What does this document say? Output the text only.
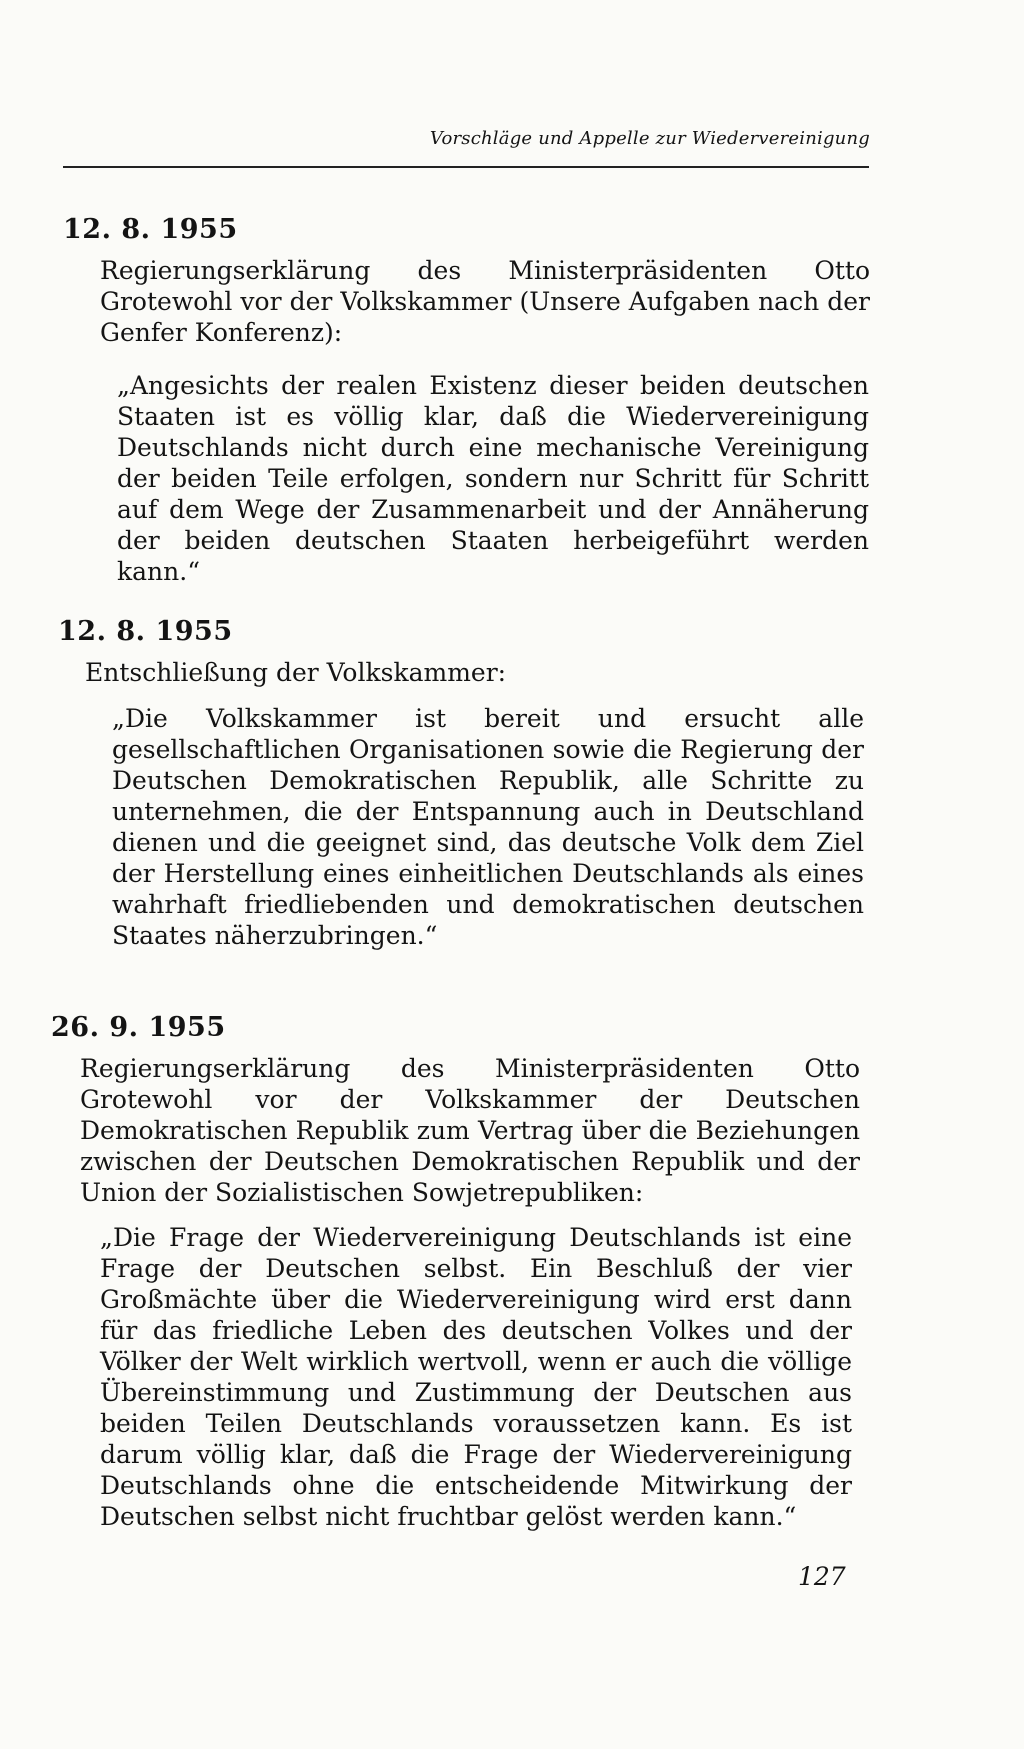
Vorschläge und Appelle zur Wiedervereinigung
12. 8. 1955

Regierungserklärung des Ministerpräsidenten Otto Grotewohl vor der Volkskammer (Unsere Aufgaben nach der Genfer Konferenz):

„Angesichts der realen Existenz dieser beiden deutschen Staaten ist es völlig klar, daß die Wiedervereinigung Deutschlands nicht durch eine mechanische Vereinigung der beiden Teile erfolgen, sondern nur Schritt für Schritt auf dem Wege der Zusammenarbeit und der Annäherung der beiden deutschen Staaten herbeigeführt werden kann.“

12. 8. 1955

Entschließung der Volkskammer:

„Die Volkskammer ist bereit und ersucht alle gesellschaftlichen Organisationen sowie die Regierung der Deutschen Demokratischen Republik, alle Schritte zu unternehmen, die der Entspannung auch in Deutschland dienen und die geeignet sind, das deutsche Volk dem Ziel der Herstellung eines einheitlichen Deutschlands als eines wahrhaft friedliebenden und demokratischen deutschen Staates näherzubringen.“

26. 9. 1955

Regierungserklärung des Ministerpräsidenten Otto Grotewohl vor der Volkskammer der Deutschen Demokratischen Republik zum Vertrag über die Beziehungen zwischen der Deutschen Demokratischen Republik und der Union der Sozialistischen Sowjetrepubliken:

„Die Frage der Wiedervereinigung Deutschlands ist eine Frage der Deutschen selbst. Ein Beschluß der vier Großmächte über die Wiedervereinigung wird erst dann für das friedliche Leben des deutschen Volkes und der Völker der Welt wirklich wertvoll, wenn er auch die völlige Übereinstimmung und Zustimmung der Deutschen aus beiden Teilen Deutschlands voraussetzen kann. Es ist darum völlig klar, daß die Frage der Wiedervereinigung Deutschlands ohne die entscheidende Mitwirkung der Deutschen selbst nicht fruchtbar gelöst werden kann.“

127
